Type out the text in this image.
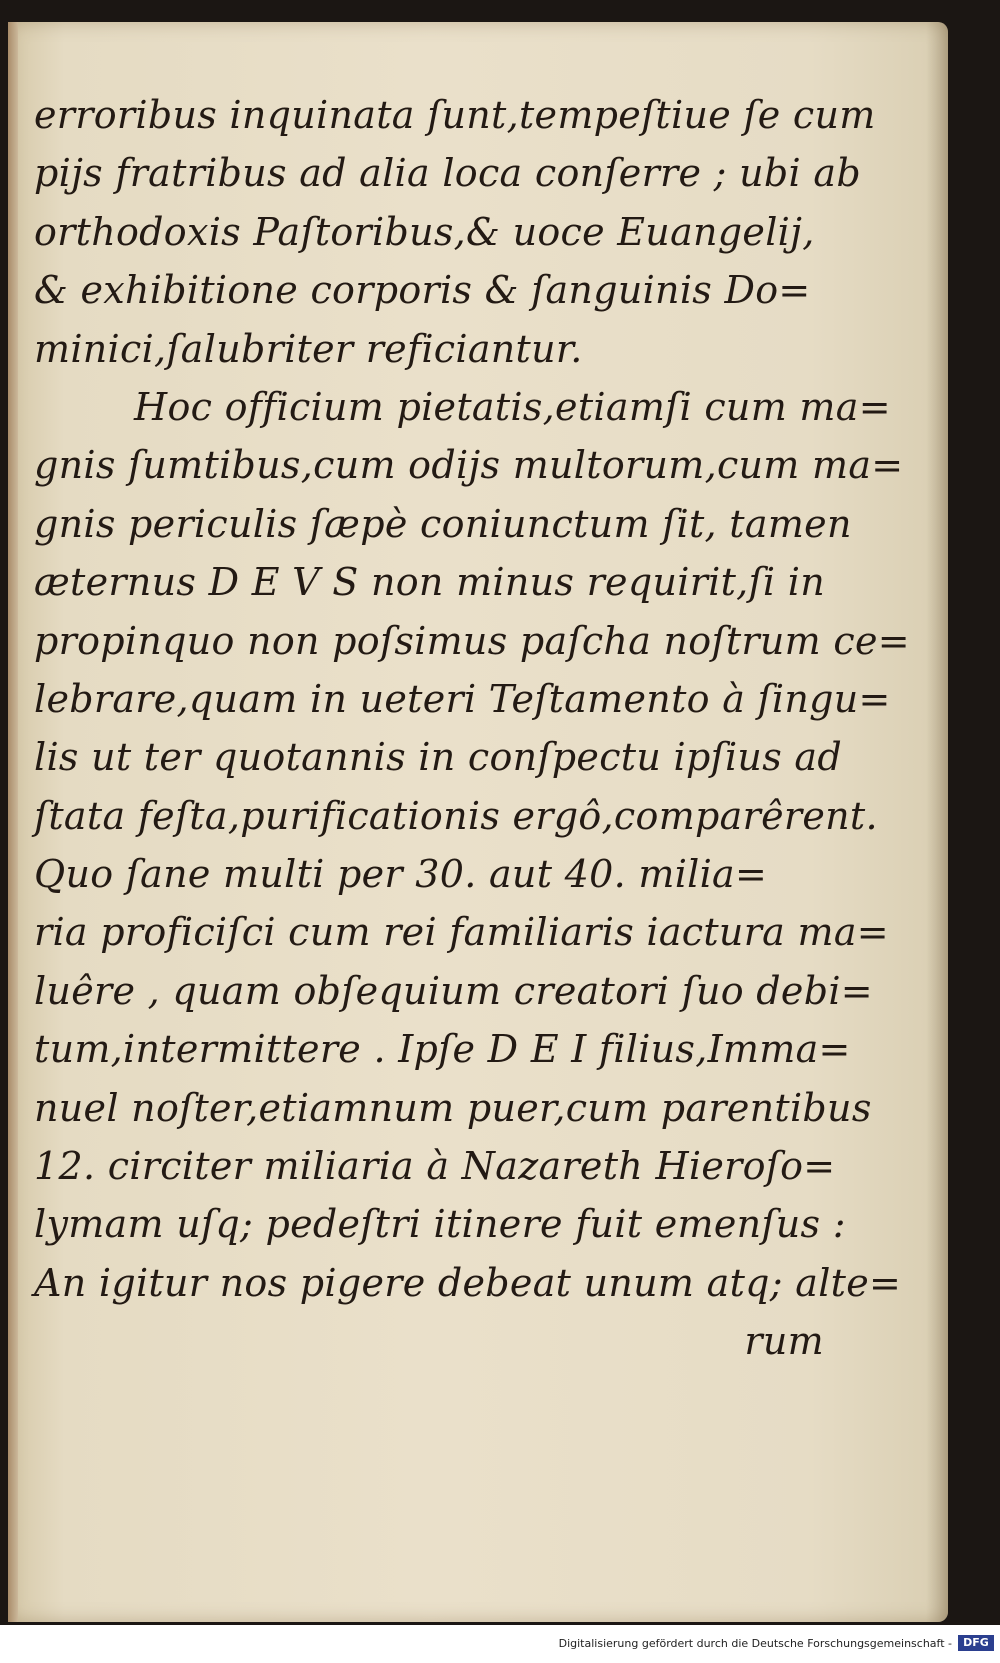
erroribus inquinata ſunt,tempeſtiue ſe cum
pijs fratribus ad alia loca conſerre ; ubi ab
orthodoxis Paſtoribus,& uoce Euangelij,
& exhibitione corporis & ſanguinis Do=
minici,ſalubriter reficiantur.
Hoc officium pietatis,etiamſi cum ma=
gnis ſumtibus,cum odijs multorum,cum ma=
gnis periculis ſæpè coniunctum ſit, tamen
æternus D E V S non minus requirit,ſi in
propinquo non poſsimus paſcha noſtrum ce=
lebrare,quam in ueteri Teſtamento à ſingu=
lis ut ter quotannis in conſpectu ipſius ad
ſtata feſta,purificationis ergô,comparêrent.
Quo ſane multi per 30. aut 40. milia=
ria proficiſci cum rei familiaris iactura ma=
luêre , quam obſequium creatori ſuo debi=
tum,intermittere . Ipſe D E I filius,Imma=
nuel noſter,etiamnum puer,cum parentibus
12. circiter miliaria à Nazareth Hieroſo=
lymam uſq; pedeſtri itinere fuit emenſus :
An igitur nos pigere debeat unum atq; alte=
rum
Digitalisierung gefördert durch die Deutsche Forschungsgemeinschaft -	DFG
